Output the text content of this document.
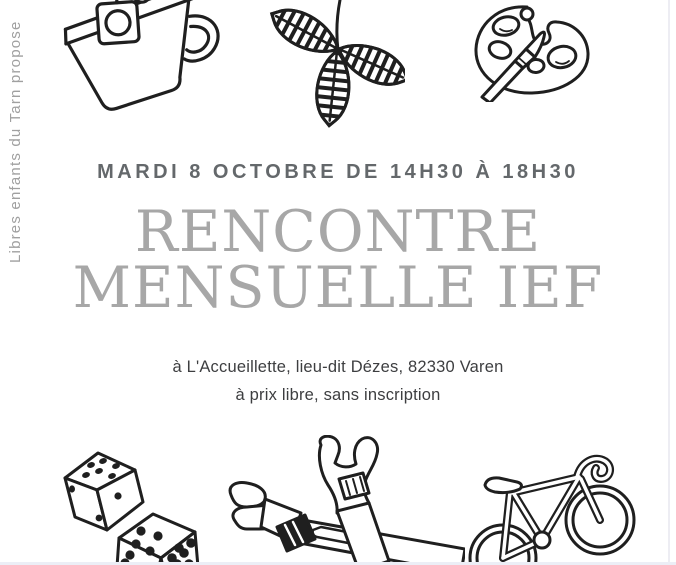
Libres enfants du Tarn propose	MARDI 8 OCTOBRE DE 14H30 À 18H30
RENCONTRE
MENSUELLE IEF
à L'Accueillette, lieu-dit Dézes, 82330 Varen
à prix libre, sans inscription
